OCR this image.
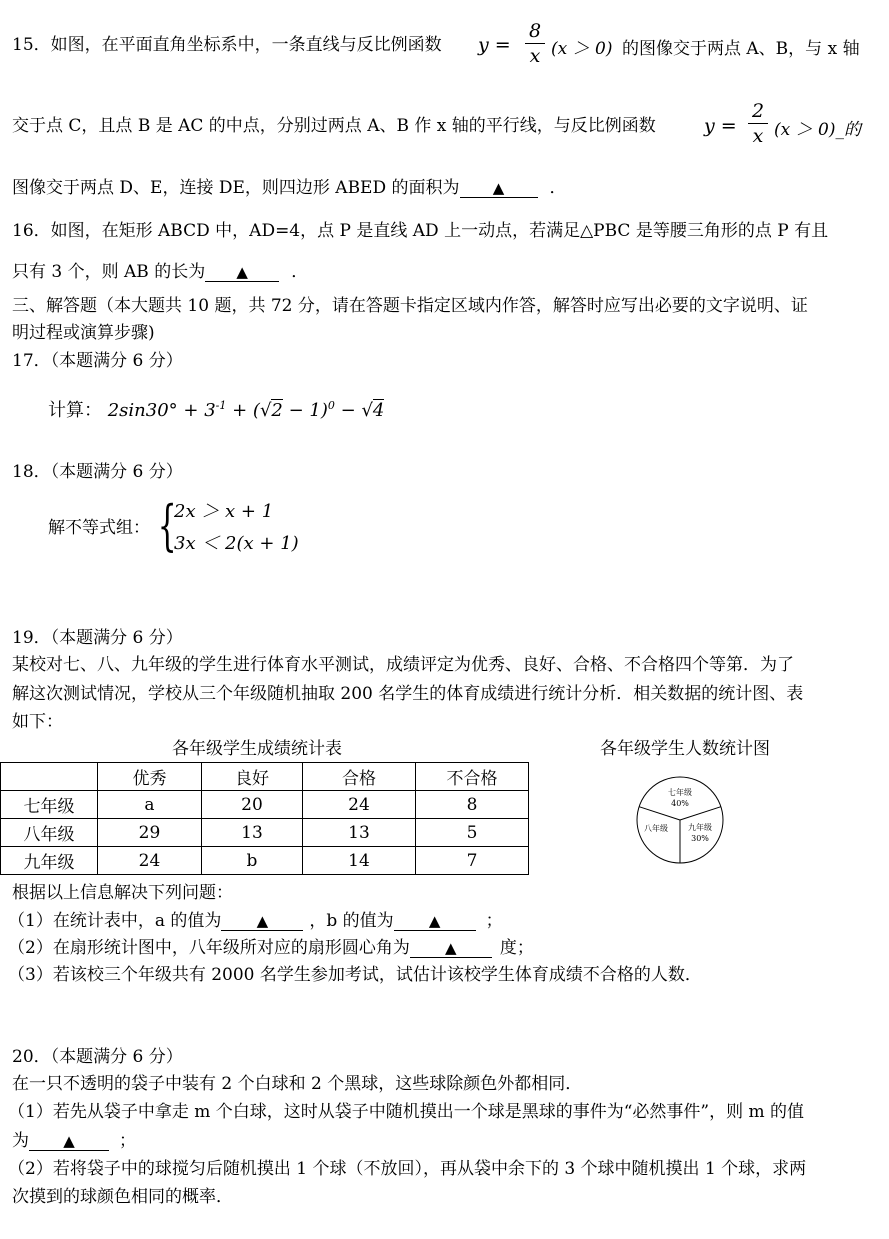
15．如图，在平面直角坐标系中，一条直线与反比例函数 y =
8
x (x ＞ 0) 的图像交于两点 A、B，与 x 轴
交于点 C，且点 B 是 AC 的中点，分别过两点 A、B 作 x 轴的平行线，与反比例函数	y =
2
x (x ＞ 0)_的
图像交于两点 D、E，连接 DE，则四边形 ABED 的面积为 ▲	．
16．如图，在矩形 ABCD 中，AD=4，点 P 是直线 AD 上一动点，若满足△PBC 是等腰三角形的点 P 有且
只有 3 个，则 AB 的长为 ▲	．
三、解答题（本大题共 10 题，共 72 分，请在答题卡指定区域内作答，解答时应写出必要的文字说明、证
明过程或演算步骤)
17．（本题满分 6 分）
计算： $2\sin 30^\circ + 3^{-1} + (√2 - 1)^0 - √4$
18．（本题满分 6 分）
解不等式组： {
2x ＞ x + 1
3x ＜ 2(x + 1)
19．（本题满分 6 分）
某校对七、八、九年级的学生进行体育水平测试，成绩评定为优秀、良好、合格、不合格四个等第．为了
解这次测试情况，学校从三个年级随机抽取 200 名学生的体育成绩进行统计分析．相关数据的统计图、表
如下：
各年级学生成绩统计表	各年级学生人数统计图
	优秀	良好	合格	不合格
七年级	a	20	24	8
八年级	29	13	13	5
九年级	24	b	14	7
七年级
40%
八年级	九年级
30%
根据以上信息解决下列问题：
（1）在统计表中，a 的值为 ▲ ，b 的值为 ▲	；
（2）在扇形统计图中，八年级所对应的扇形圆心角为 ▲	度；
（3）若该校三个年级共有 2000 名学生参加考试，试估计该校学生体育成绩不合格的人数．
20．（本题满分 6 分）
在一只不透明的袋子中装有 2 个白球和 2 个黑球，这些球除颜色外都相同．
（1）若先从袋子中拿走 m 个白球，这时从袋子中随机摸出一个球是黑球的事件为“必然事件”，则 m 的值
为 ▲	；
（2）若将袋子中的球搅匀后随机摸出 1 个球（不放回），再从袋中余下的 3 个球中随机摸出 1 个球，求两
次摸到的球颜色相同的概率．
